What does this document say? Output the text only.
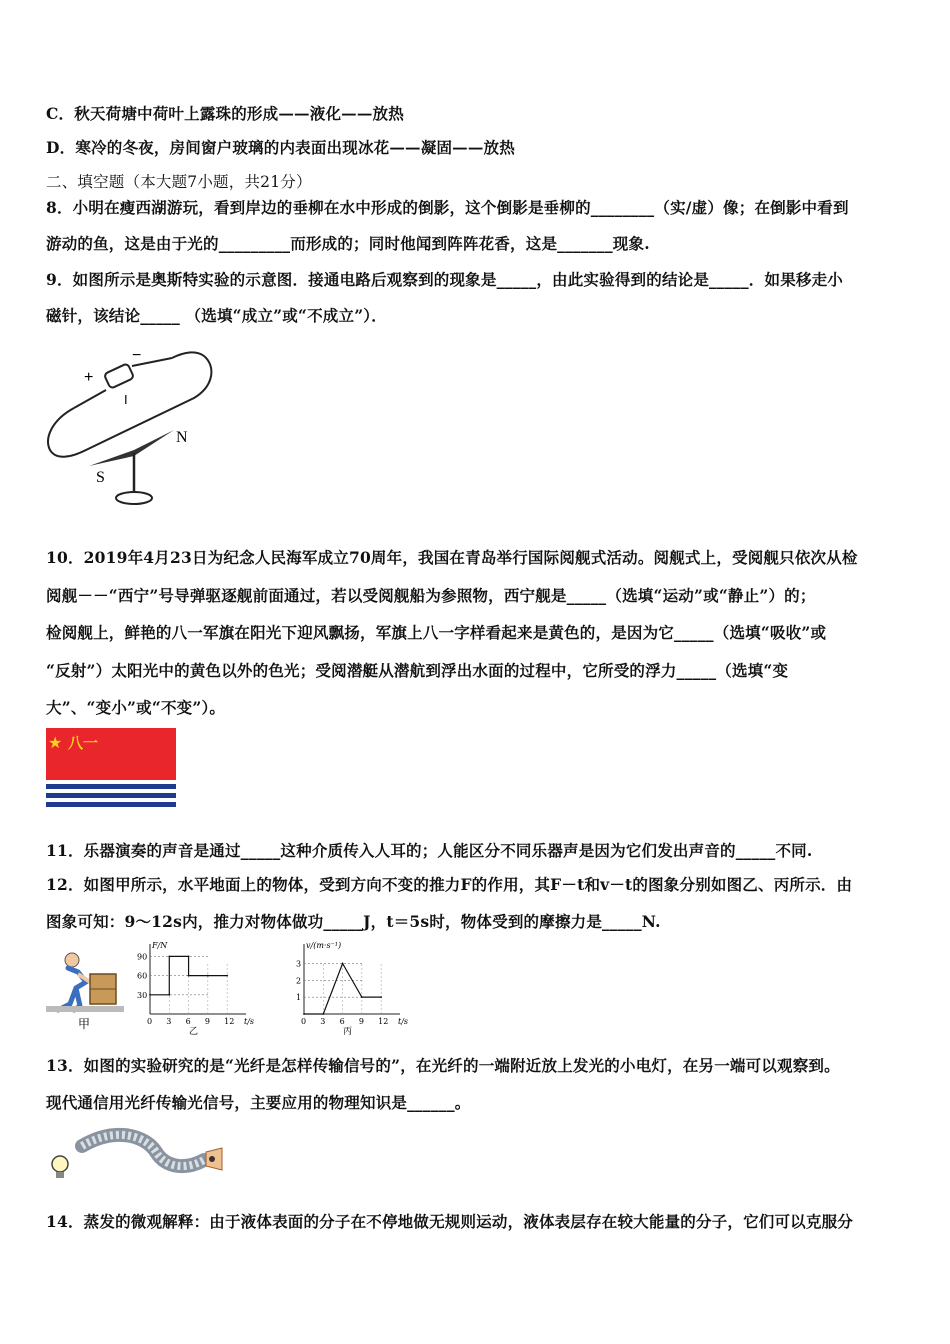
C．秋天荷塘中荷叶上露珠的形成——液化——放热
D．寒冷的冬夜，房间窗户玻璃的内表面出现冰花——凝固——放热
二、填空题（本大题7小题，共21分）
8．小明在瘦西湖游玩，看到岸边的垂柳在水中形成的倒影，这个倒影是垂柳的________（实/虚）像；在倒影中看到
游动的鱼，这是由于光的_________而形成的；同时他闻到阵阵花香，这是_______现象.
9．如图所示是奥斯特实验的示意图．接通电路后观察到的现象是_____，由此实验得到的结论是_____．如果移走小
磁针，该结论_____ （选填“成立”或“不成立”）．
+
−
I
N
S
10．2019年4月23日为纪念人民海军成立70周年，我国在青岛举行国际阅舰式活动。阅舰式上，受阅舰只依次从检
阅舰－－“西宁”号导弹驱逐舰前面通过，若以受阅舰船为参照物，西宁舰是_____（选填“运动”或“静止”）的；
检阅舰上，鲜艳的八一军旗在阳光下迎风飘扬，军旗上八一字样看起来是黄色的，是因为它_____（选填“吸收”或
“反射”）太阳光中的黄色以外的色光；受阅潜艇从潜航到浮出水面的过程中，它所受的浮力_____（选填“变
大”、“变小”或“不变”）。
★ 八一
11．乐器演奏的声音是通过_____这种介质传入人耳的；人能区分不同乐器声是因为它们发出声音的_____不同.
12．如图甲所示，水平地面上的物体，受到方向不变的推力F的作用，其F－t和v－t的图象分别如图乙、丙所示．由
图象可知：9～12s内，推力对物体做功_____J，t＝5s时，物体受到的摩擦力是_____N.
甲
F/N
t/s
0 3 6 9 12
30
60
90
乙
v/(m·s⁻¹)
t/s
0 3 6 9 12
1
2
3
丙
13．如图的实验研究的是“光纤是怎样传输信号的”，在光纤的一端附近放上发光的小电灯，在另一端可以观察到。
现代通信用光纤传输光信号，主要应用的物理知识是______。
14．蒸发的微观解释：由于液体表面的分子在不停地做无规则运动，液体表层存在较大能量的分子，它们可以克服分
